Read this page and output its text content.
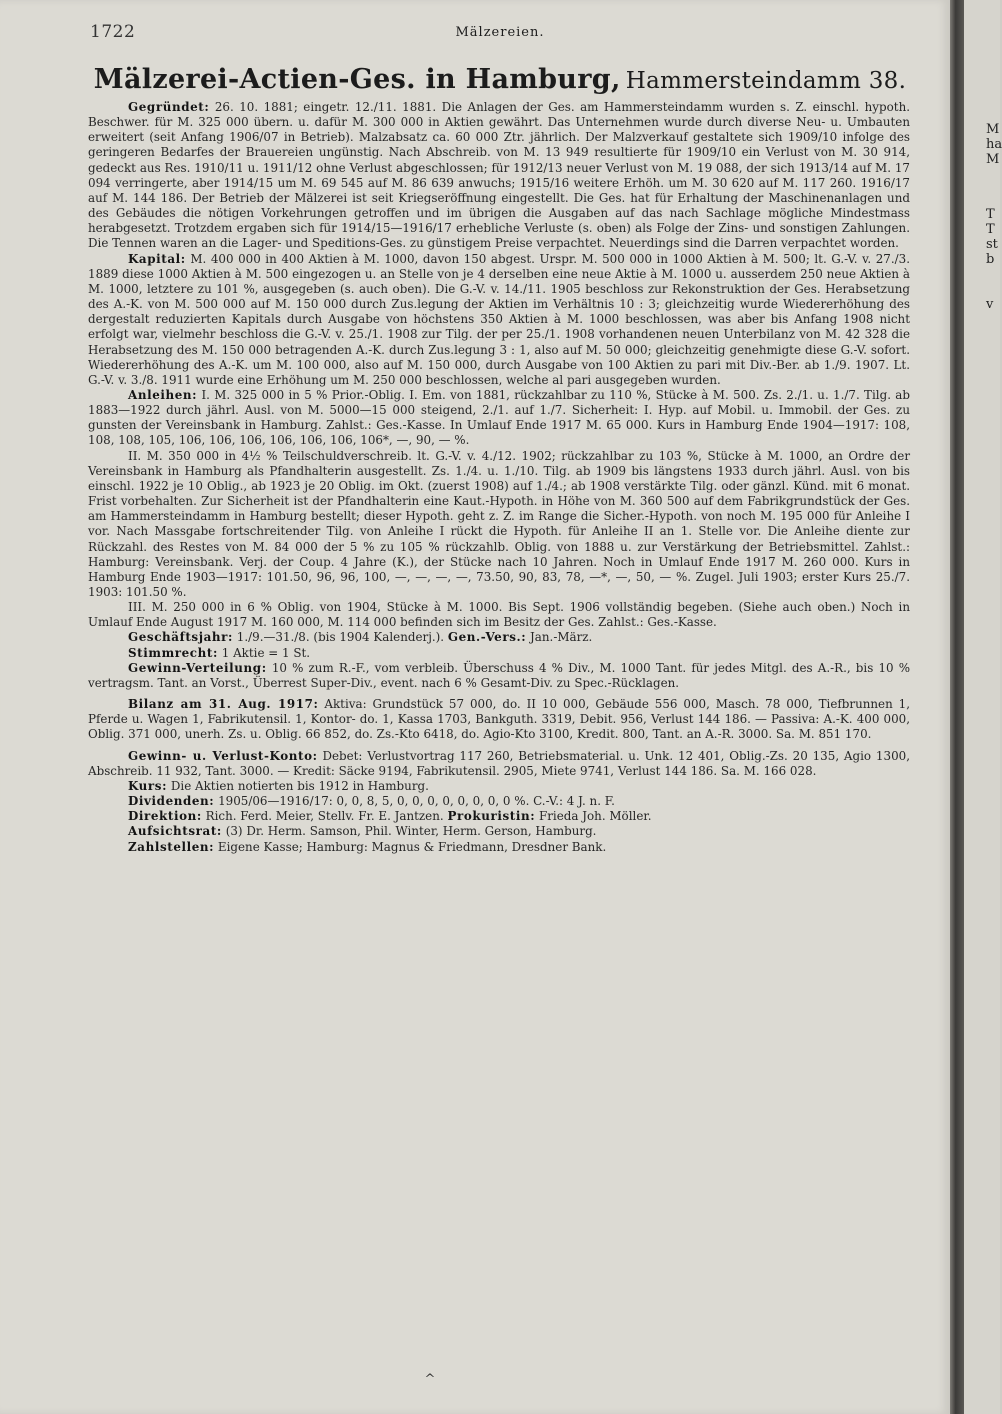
1722	Mälzereien.
Mälzerei-Actien-Ges. in Hamburg, Hammersteindamm 38.

Gegründet: 26. 10. 1881; eingetr. 12./11. 1881. Die Anlagen der Ges. am Hammersteindamm wurden s. Z. einschl. hypoth. Beschwer. für M. 325 000 übern. u. dafür M. 300 000 in Aktien gewährt. Das Unternehmen wurde durch diverse Neu- u. Umbauten erweitert (seit Anfang 1906/07 in Betrieb). Malzabsatz ca. 60 000 Ztr. jährlich. Der Malzverkauf gestaltete sich 1909/10 infolge des geringeren Bedarfes der Brauereien ungünstig. Nach Abschreib. von M. 13 949 resultierte für 1909/10 ein Verlust von M. 30 914, gedeckt aus Res. 1910/11 u. 1911/12 ohne Verlust abgeschlossen; für 1912/13 neuer Verlust von M. 19 088, der sich 1913/14 auf M. 17 094 verringerte, aber 1914/15 um M. 69 545 auf M. 86 639 anwuchs; 1915/16 weitere Erhöh. um M. 30 620 auf M. 117 260. 1916/17 auf M. 144 186. Der Betrieb der Mälzerei ist seit Kriegseröffnung eingestellt. Die Ges. hat für Erhaltung der Maschinenanlagen und des Gebäudes die nötigen Vorkehrungen getroffen und im übrigen die Ausgaben auf das nach Sachlage mögliche Mindestmass herabgesetzt. Trotzdem ergaben sich für 1914/15—1916/17 erhebliche Verluste (s. oben) als Folge der Zins- und sonstigen Zahlungen. Die Tennen waren an die Lager- und Speditions-Ges. zu günstigem Preise verpachtet. Neuerdings sind die Darren verpachtet worden.

Kapital: M. 400 000 in 400 Aktien à M. 1000, davon 150 abgest. Urspr. M. 500 000 in 1000 Aktien à M. 500; lt. G.-V. v. 27./3. 1889 diese 1000 Aktien à M. 500 eingezogen u. an Stelle von je 4 derselben eine neue Aktie à M. 1000 u. ausserdem 250 neue Aktien à M. 1000, letztere zu 101 %, ausgegeben (s. auch oben). Die G.-V. v. 14./11. 1905 beschloss zur Rekonstruktion der Ges. Herabsetzung des A.-K. von M. 500 000 auf M. 150 000 durch Zus.legung der Aktien im Verhältnis 10 : 3; gleichzeitig wurde Wiedererhöhung des dergestalt reduzierten Kapitals durch Ausgabe von höchstens 350 Aktien à M. 1000 beschlossen, was aber bis Anfang 1908 nicht erfolgt war, vielmehr beschloss die G.-V. v. 25./1. 1908 zur Tilg. der per 25./1. 1908 vorhandenen neuen Unterbilanz von M. 42 328 die Herabsetzung des M. 150 000 betragenden A.-K. durch Zus.legung 3 : 1, also auf M. 50 000; gleichzeitig genehmigte diese G.-V. sofort. Wiedererhöhung des A.-K. um M. 100 000, also auf M. 150 000, durch Ausgabe von 100 Aktien zu pari mit Div.-Ber. ab 1./9. 1907. Lt. G.-V. v. 3./8. 1911 wurde eine Erhöhung um M. 250 000 beschlossen, welche al pari ausgegeben wurden.

Anleihen: I. M. 325 000 in 5 % Prior.-Oblig. I. Em. von 1881, rückzahlbar zu 110 %, Stücke à M. 500. Zs. 2./1. u. 1./7. Tilg. ab 1883—1922 durch jährl. Ausl. von M. 5000—15 000 steigend, 2./1. auf 1./7. Sicherheit: I. Hyp. auf Mobil. u. Immobil. der Ges. zu gunsten der Vereinsbank in Hamburg. Zahlst.: Ges.-Kasse. In Umlauf Ende 1917 M. 65 000. Kurs in Hamburg Ende 1904—1917: 108, 108, 108, 105, 106, 106, 106, 106, 106, 106, 106*, —, 90, — %.

II. M. 350 000 in 4½ % Teilschuldverschreib. lt. G.-V. v. 4./12. 1902; rückzahlbar zu 103 %, Stücke à M. 1000, an Ordre der Vereinsbank in Hamburg als Pfandhalterin ausgestellt. Zs. 1./4. u. 1./10. Tilg. ab 1909 bis längstens 1933 durch jährl. Ausl. von bis einschl. 1922 je 10 Oblig., ab 1923 je 20 Oblig. im Okt. (zuerst 1908) auf 1./4.; ab 1908 verstärkte Tilg. oder gänzl. Künd. mit 6 monat. Frist vorbehalten. Zur Sicherheit ist der Pfandhalterin eine Kaut.-Hypoth. in Höhe von M. 360 500 auf dem Fabrikgrundstück der Ges. am Hammersteindamm in Hamburg bestellt; dieser Hypoth. geht z. Z. im Range die Sicher.-Hypoth. von noch M. 195 000 für Anleihe I vor. Nach Massgabe fortschreitender Tilg. von Anleihe I rückt die Hypoth. für Anleihe II an 1. Stelle vor. Die Anleihe diente zur Rückzahl. des Restes von M. 84 000 der 5 % zu 105 % rückzahlb. Oblig. von 1888 u. zur Verstärkung der Betriebsmittel. Zahlst.: Hamburg: Vereinsbank. Verj. der Coup. 4 Jahre (K.), der Stücke nach 10 Jahren. Noch in Umlauf Ende 1917 M. 260 000. Kurs in Hamburg Ende 1903—1917: 101.50, 96, 96, 100, —, —, —, —, 73.50, 90, 83, 78, —*, —, 50, — %. Zugel. Juli 1903; erster Kurs 25./7. 1903: 101.50 %.

III. M. 250 000 in 6 % Oblig. von 1904, Stücke à M. 1000. Bis Sept. 1906 vollständig begeben. (Siehe auch oben.) Noch in Umlauf Ende August 1917 M. 160 000, M. 114 000 befinden sich im Besitz der Ges. Zahlst.: Ges.-Kasse.

Geschäftsjahr: 1./9.—31./8. (bis 1904 Kalenderj.). Gen.-Vers.: Jan.-März.

Stimmrecht: 1 Aktie = 1 St.

Gewinn-Verteilung: 10 % zum R.-F., vom verbleib. Überschuss 4 % Div., M. 1000 Tant. für jedes Mitgl. des A.-R., bis 10 % vertragsm. Tant. an Vorst., Überrest Super-Div., event. nach 6 % Gesamt-Div. zu Spec.-Rücklagen.

Bilanz am 31. Aug. 1917: Aktiva: Grundstück 57 000, do. II 10 000, Gebäude 556 000, Masch. 78 000, Tiefbrunnen 1, Pferde u. Wagen 1, Fabrikutensil. 1, Kontor- do. 1, Kassa 1703, Bankguth. 3319, Debit. 956, Verlust 144 186. — Passiva: A.-K. 400 000, Oblig. 371 000, unerh. Zs. u. Oblig. 66 852, do. Zs.-Kto 6418, do. Agio-Kto 3100, Kredit. 800, Tant. an A.-R. 3000. Sa. M. 851 170.

Gewinn- u. Verlust-Konto: Debet: Verlustvortrag 117 260, Betriebsmaterial. u. Unk. 12 401, Oblig.-Zs. 20 135, Agio 1300, Abschreib. 11 932, Tant. 3000. — Kredit: Säcke 9194, Fabrikutensil. 2905, Miete 9741, Verlust 144 186. Sa. M. 166 028.

Kurs: Die Aktien notierten bis 1912 in Hamburg.

Dividenden: 1905/06—1916/17: 0, 0, 8, 5, 0, 0, 0, 0, 0, 0, 0, 0 %. C.-V.: 4 J. n. F.

Direktion: Rich. Ferd. Meier, Stellv. Fr. E. Jantzen. Prokuristin: Frieda Joh. Möller.

Aufsichtsrat: (3) Dr. Herm. Samson, Phil. Winter, Herm. Gerson, Hamburg.

Zahlstellen: Eigene Kasse; Hamburg: Magnus & Friedmann, Dresdner Bank.

^
M
ha
M
T
T
st
b
v
